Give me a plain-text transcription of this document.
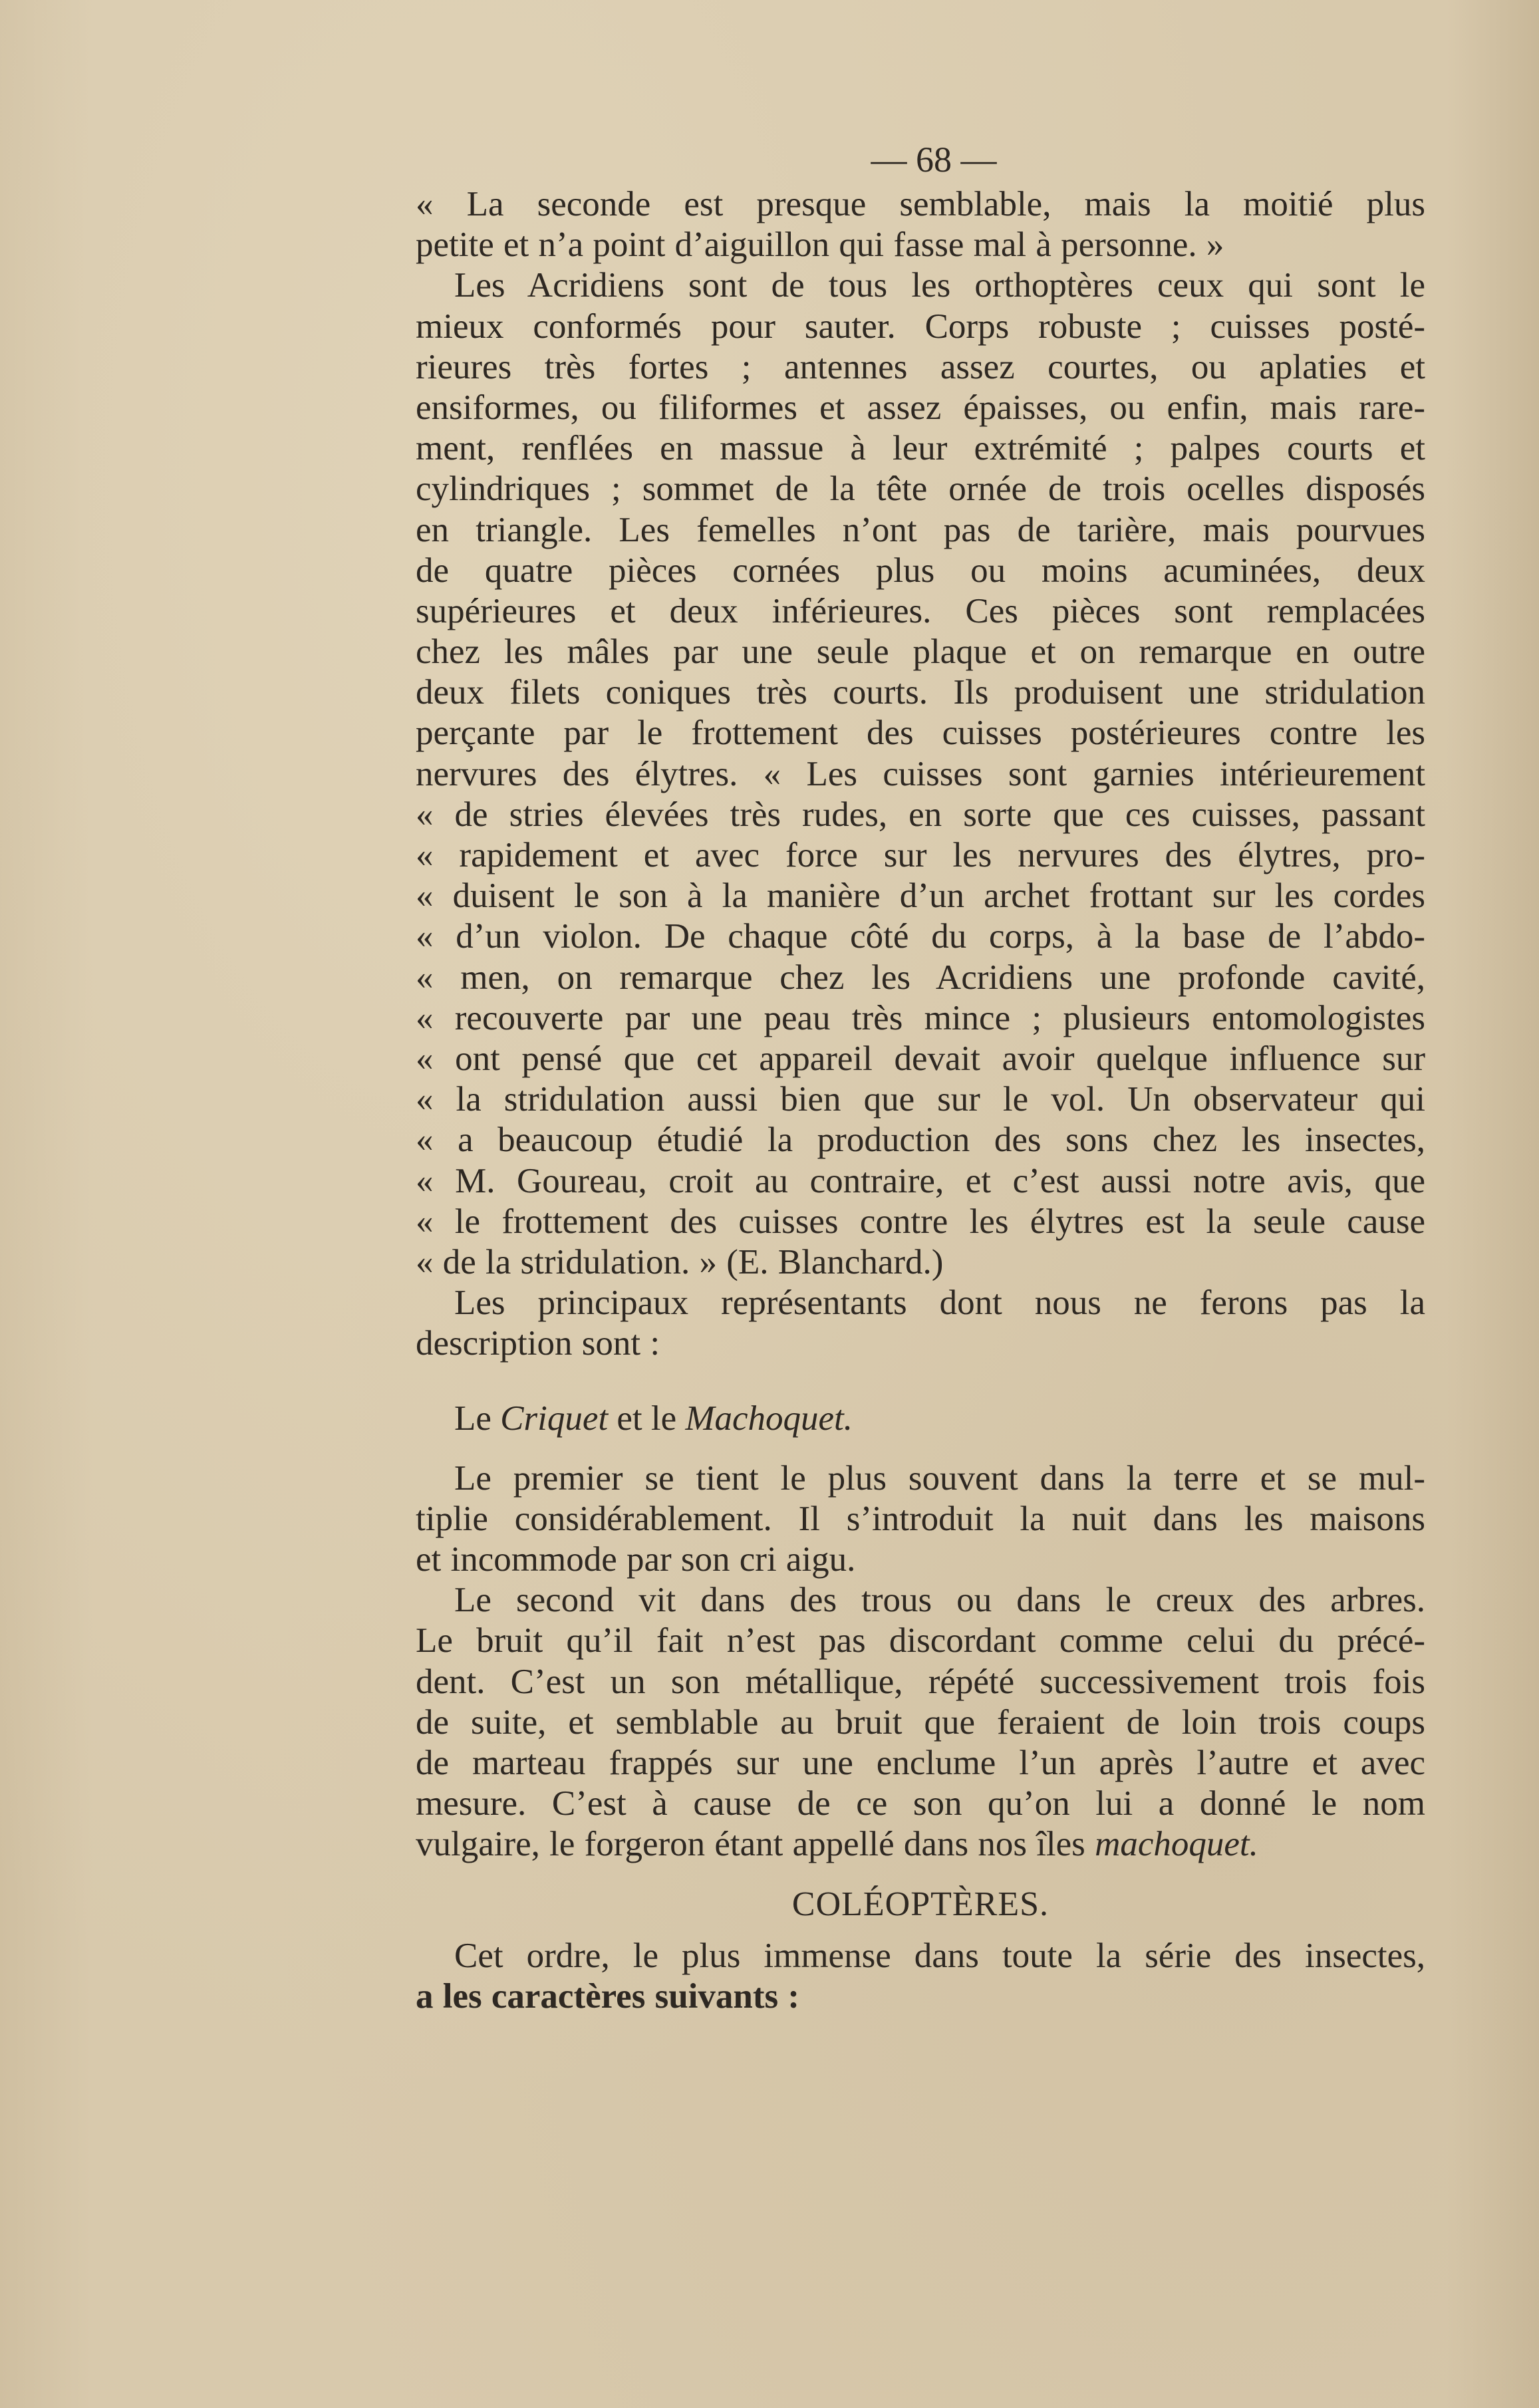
— 68 —
« La seconde est presque semblable, mais la moitié plus
petite et n’a point d’aiguillon qui fasse mal à personne. »
Les Acridiens sont de tous les orthoptères ceux qui sont le
mieux conformés pour sauter. Corps robuste ; cuisses posté-
rieures très fortes ; antennes assez courtes, ou aplaties et
ensiformes, ou filiformes et assez épaisses, ou enfin, mais rare-
ment, renflées en massue à leur extrémité ; palpes courts et
cylindriques ; sommet de la tête ornée de trois ocelles disposés
en triangle. Les femelles n’ont pas de tarière, mais pourvues
de quatre pièces cornées plus ou moins acuminées, deux
supérieures et deux inférieures. Ces pièces sont remplacées
chez les mâles par une seule plaque et on remarque en outre
deux filets coniques très courts. Ils produisent une stridulation
perçante par le frottement des cuisses postérieures contre les
nervures des élytres. « Les cuisses sont garnies intérieurement
« de stries élevées très rudes, en sorte que ces cuisses, passant
« rapidement et avec force sur les nervures des élytres, pro-
« duisent le son à la manière d’un archet frottant sur les cordes
« d’un violon. De chaque côté du corps, à la base de l’abdo-
« men, on remarque chez les Acridiens une profonde cavité,
« recouverte par une peau très mince ; plusieurs entomologistes
« ont pensé que cet appareil devait avoir quelque influence sur
« la stridulation aussi bien que sur le vol. Un observateur qui
« a beaucoup étudié la production des sons chez les insectes,
« M. Goureau, croit au contraire, et c’est aussi notre avis, que
« le frottement des cuisses contre les élytres est la seule cause
« de la stridulation. » (E. Blanchard.)
Les principaux représentants dont nous ne ferons pas la
description sont :
Le Criquet et le Machoquet.
Le premier se tient le plus souvent dans la terre et se mul-
tiplie considérablement. Il s’introduit la nuit dans les maisons
et incommode par son cri aigu.
Le second vit dans des trous ou dans le creux des arbres.
Le bruit qu’il fait n’est pas discordant comme celui du précé-
dent. C’est un son métallique, répété successivement trois fois
de suite, et semblable au bruit que feraient de loin trois coups
de marteau frappés sur une enclume l’un après l’autre et avec
mesure. C’est à cause de ce son qu’on lui a donné le nom
vulgaire, le forgeron étant appellé dans nos îles machoquet.
COLÉOPTÈRES.
Cet ordre, le plus immense dans toute la série des insectes,
a les caractères suivants :
